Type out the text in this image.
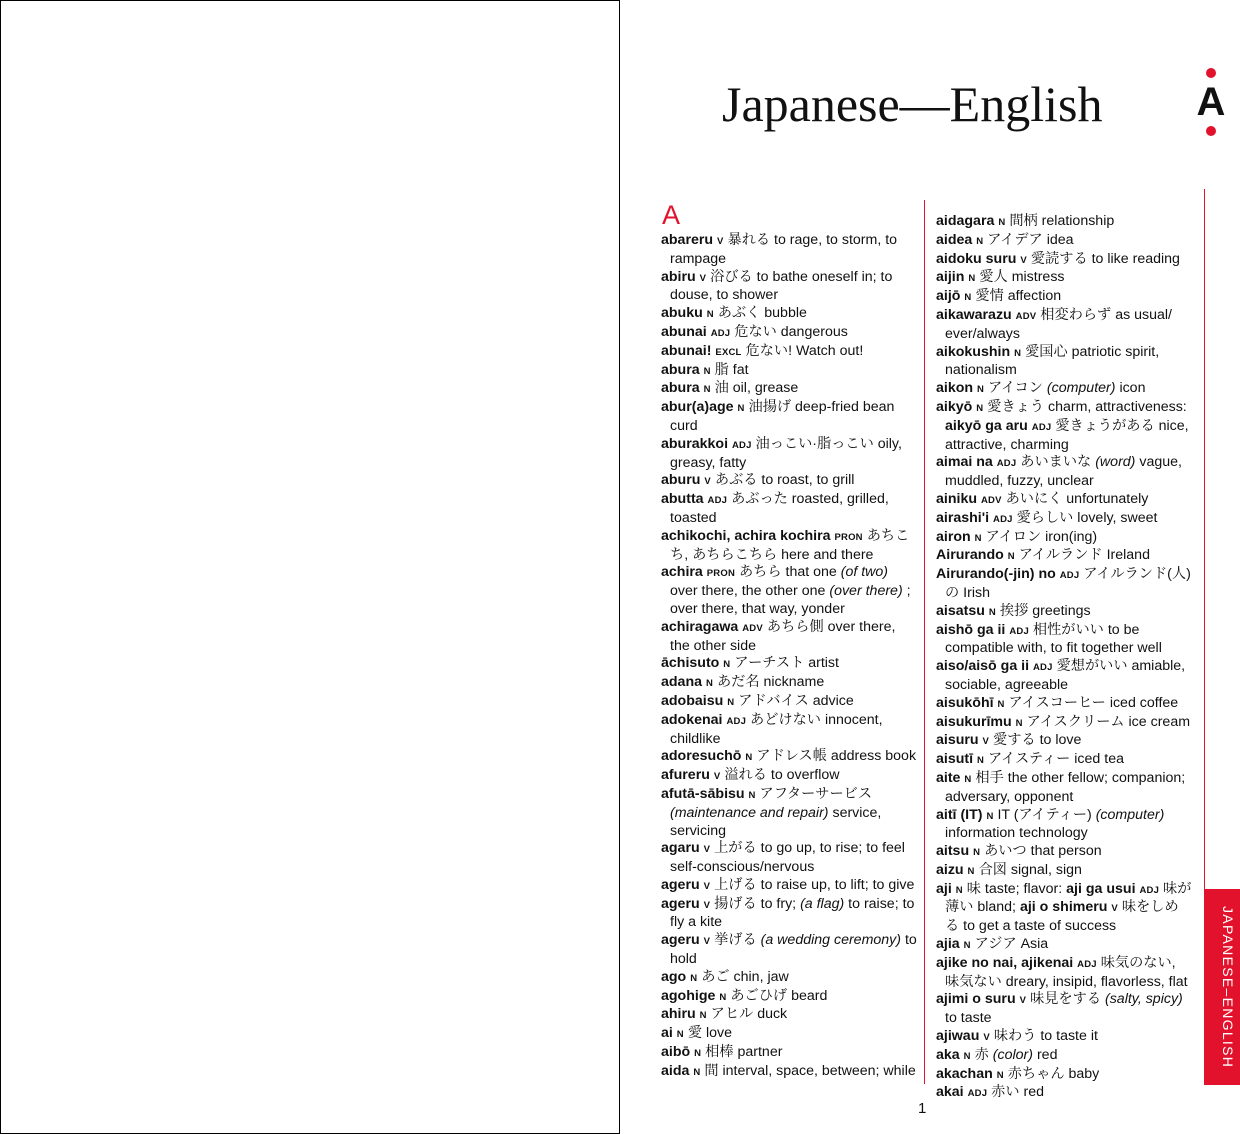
Japanese—English	A
A
abareru V 暴れる to rage, to storm, to rampage
abiru V 浴びる to bathe oneself in; to douse, to shower
abuku N あぶく bubble
abunai ADJ 危ない dangerous
abunai! EXCL 危ない! Watch out!
abura N 脂 fat
abura N 油 oil, grease
abur(a)age N 油揚げ deep-fried bean curd
aburakkoi ADJ 油っこい·脂っこい oily, greasy, fatty
aburu V あぶる to roast, to grill
abutta ADJ あぶった roasted, grilled, toasted
achikochi, achira kochira PRON あちこち, あちらこちら here and there
achira PRON あちら that one (of two) over there, the other one (over there) ; over there, that way, yonder
achiragawa ADV あちら側 over there, the other side
āchisuto N アーチスト artist
adana N あだ名 nickname
adobaisu N アドバイス advice
adokenai ADJ あどけない innocent, childlike
adoresuchō N アドレス帳 address book
afureru V 溢れる to overflow
afutā-sābisu N アフターサービス (maintenance and repair) service, servicing
agaru V 上がる to go up, to rise; to feel self-conscious/nervous
ageru V 上げる to raise up, to lift; to give
ageru V 揚げる to fry; (a flag) to raise; to fly a kite
ageru V 挙げる (a wedding ceremony) to hold
ago N あご chin, jaw
agohige N あごひげ beard
ahiru N アヒル duck
ai N 愛 love
aibō N 相棒 partner
aida N 間 interval, space, between; while
aidagara N 間柄 relationship
aidea N アイデア idea
aidoku suru V 愛読する to like reading
aijin N 愛人 mistress
aijō N 愛情 affection
aikawarazu ADV 相変わらず as usual/ ever/always
aikokushin N 愛国心 patriotic spirit, nationalism
aikon N アイコン (computer) icon
aikyō N 愛きょう charm, attractiveness: aikyō ga aru ADJ 愛きょうがある nice, attractive, charming
aimai na ADJ あいまいな (word) vague, muddled, fuzzy, unclear
ainiku ADV あいにく unfortunately
airashi'i ADJ 愛らしい lovely, sweet
airon N アイロン iron(ing)
Airurando N アイルランド Ireland
Airurando(-jin) no ADJ アイルランド(人)の Irish
aisatsu N 挨拶 greetings
aishō ga ii ADJ 相性がいい to be compatible with, to fit together well
aiso/aisō ga ii ADJ 愛想がいい amiable, sociable, agreeable
aisukōhī N アイスコーヒー iced coffee
aisukurīmu N アイスクリーム ice cream
aisuru V 愛する to love
aisutī N アイスティー iced tea
aite N 相手 the other fellow; companion; adversary, opponent
aitī (IT) N IT (アイティー) (computer) information technology
aitsu N あいつ that person
aizu N 合図 signal, sign
aji N 味 taste; flavor: aji ga usui ADJ 味が薄い bland; aji o shimeru V 味をしめる to get a taste of success
ajia N アジア Asia
ajike no nai, ajikenai ADJ 味気のない, 味気ない dreary, insipid, flavorless, flat
ajimi o suru V 味見をする (salty, spicy) to taste
ajiwau V 味わう to taste it
aka N 赤 (color) red
akachan N 赤ちゃん baby
akai ADJ 赤い red
JAPANESE–ENGLISH
1
